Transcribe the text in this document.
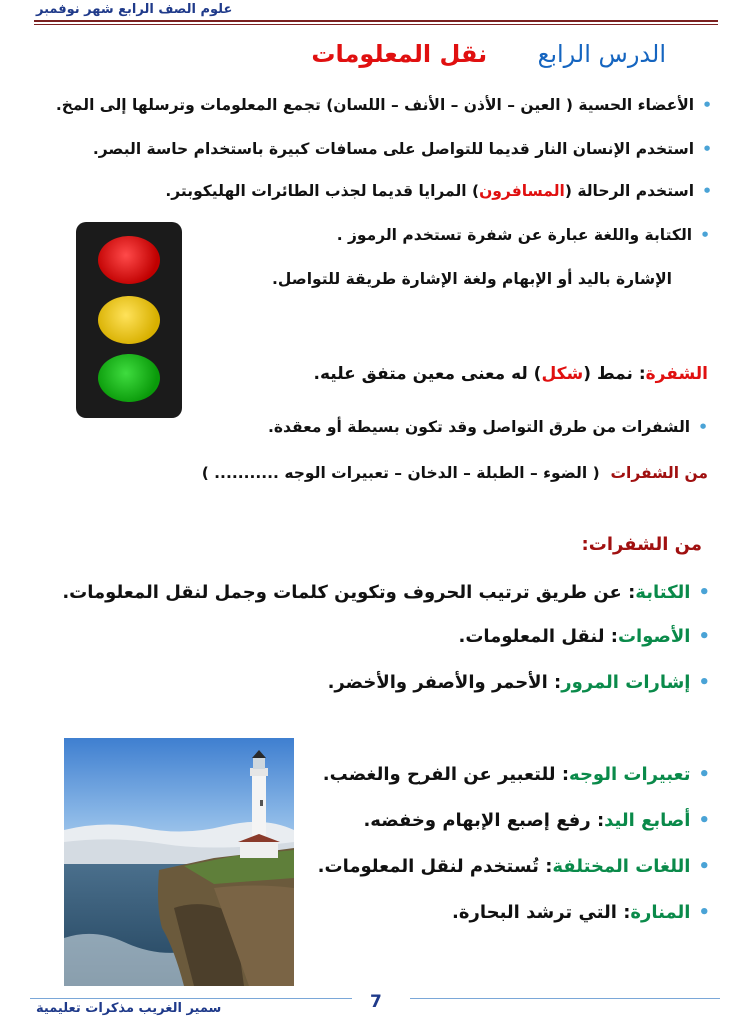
علوم الصف الرابع شهر نوفمبر
الدرس الرابع نقل المعلومات
•الأعضاء الحسية ( العين – الأذن – الأنف – اللسان) تجمع المعلومات وترسلها إلى المخ.
•استخدم الإنسان النار قديما للتواصل على مسافات كبيرة باستخدام حاسة البصر.
•استخدم الرحالة (المسافرون) المرايا قديما لجذب الطائرات الهليكوبتر.
•الكتابة واللغة عبارة عن شفرة تستخدم الرموز .
الإشارة باليد أو الإبهام ولغة الإشارة طريقة للتواصل.
الشفرة: نمط (شكل) له معنى معين متفق عليه.
•الشفرات من طرق التواصل وقد تكون بسيطة أو معقدة.
من الشفرات  ( الضوء – الطبلة – الدخان – تعبيرات الوجه ........... )
من الشفرات:
•الكتابة: عن طريق ترتيب الحروف وتكوين كلمات وجمل لنقل المعلومات.
•الأصوات: لنقل المعلومات.
•إشارات المرور: الأحمر والأصفر والأخضر.
•تعبيرات الوجه: للتعبير عن الفرح والغضب.
•أصابع اليد: رفع إصبع الإبهام وخفضه.
•اللغات المختلفة: تُستخدم لنقل المعلومات.
•المنارة: التي ترشد البحارة.
7
سمير الغريب مذكرات تعليمية
